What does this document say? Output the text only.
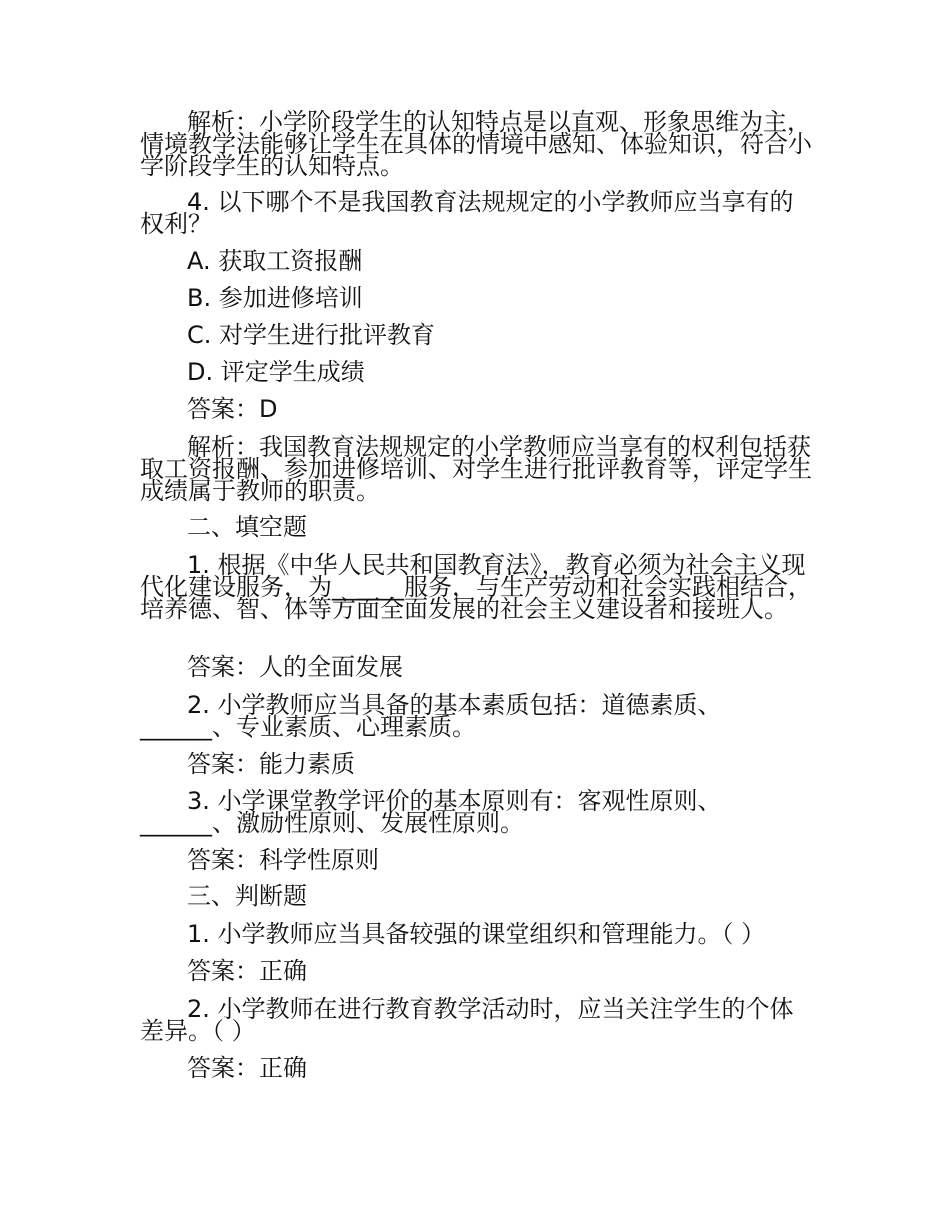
解析：小学阶段学生的认知特点是以直观、形象思维为主，情境教学法能够让学生在具体的情境中感知、体验知识，符合小学阶段学生的认知特点。

4. 以下哪个不是我国教育法规规定的小学教师应当享有的权利？

A. 获取工资报酬

B. 参加进修培训

C. 对学生进行批评教育

D. 评定学生成绩

答案：D

解析：我国教育法规规定的小学教师应当享有的权利包括获取工资报酬、参加进修培训、对学生进行批评教育等，评定学生成绩属于教师的职责。

二、填空题

1. 根据《中华人民共和国教育法》，教育必须为社会主义现代化建设服务，为______服务，与生产劳动和社会实践相结合，培养德、智、体等方面全面发展的社会主义建设者和接班人。

答案：人的全面发展

2. 小学教师应当具备的基本素质包括：道德素质、______、专业素质、心理素质。

答案：能力素质

3. 小学课堂教学评价的基本原则有：客观性原则、______、激励性原则、发展性原则。

答案：科学性原则

三、判断题

1. 小学教师应当具备较强的课堂组织和管理能力。（ ）

答案：正确

2. 小学教师在进行教育教学活动时，应当关注学生的个体差异。（ ）

答案：正确
